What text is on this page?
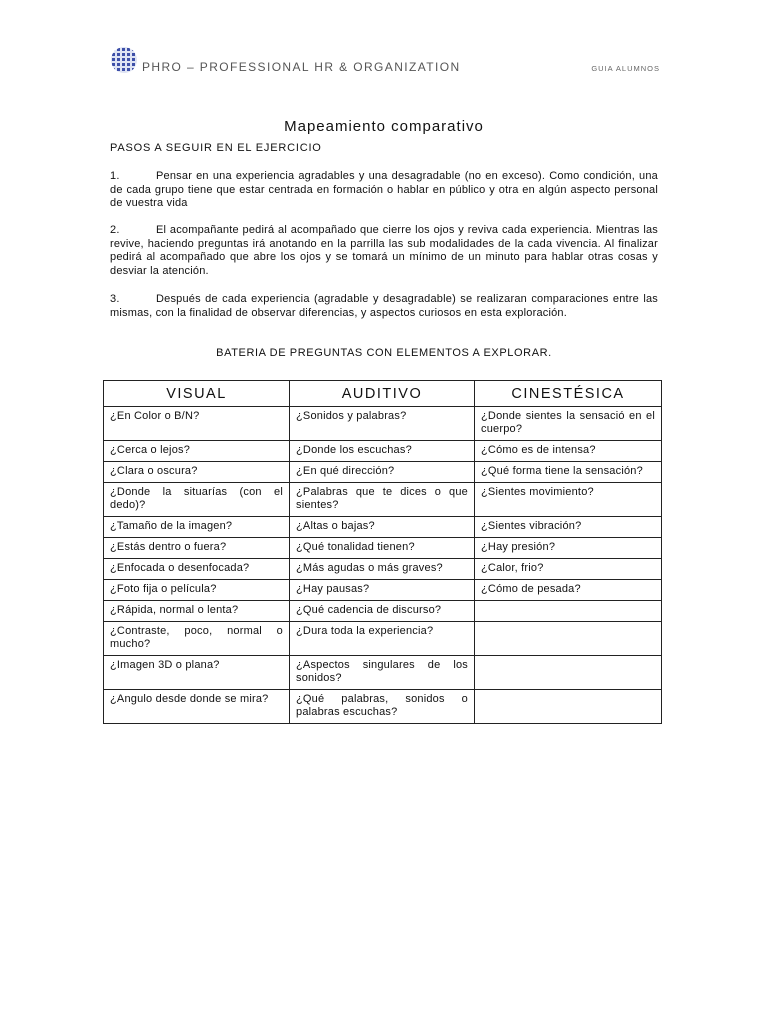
PHRO – PROFESSIONAL HR & ORGANIZATION	GUIA ALUMNOS
Mapeamiento comparativo
PASOS A SEGUIR EN EL EJERCICIO
1.	Pensar en una experiencia agradables y una desagradable (no en exceso). Como condición, una de cada grupo tiene que estar centrada en formación o hablar en público y otra en algún aspecto personal de vuestra vida
2.	El acompañante pedirá al acompañado que cierre los ojos y reviva cada experiencia. Mientras las revive, haciendo preguntas irá anotando en la parrilla las sub modalidades de la cada vivencia. Al finalizar pedirá al acompañado que abre los ojos y se tomará un mínimo de un minuto para hablar otras cosas y desviar la atención.
3.	Después de cada experiencia (agradable y desagradable) se realizaran comparaciones entre las mismas, con la finalidad de observar diferencias, y aspectos curiosos en esta exploración.
BATERIA DE PREGUNTAS CON ELEMENTOS A EXPLORAR.
VISUAL	AUDITIVO	CINESTÉSICA
¿En Color o B/N?	¿Sonidos y palabras?	¿Donde sientes la sensació en el cuerpo?
¿Cerca o lejos?	¿Donde los escuchas?	¿Cómo es de intensa?
¿Clara o oscura?	¿En qué dirección?	¿Qué forma tiene la sensación?
¿Donde la situarías (con el dedo)?	¿Palabras que te dices o que sientes?	¿Sientes movimiento?
¿Tamaño de la imagen?	¿Altas o bajas?	¿Sientes vibración?
¿Estás dentro o fuera?	¿Qué tonalidad tienen?	¿Hay presión?
¿Enfocada o desenfocada?	¿Más agudas o más graves?	¿Calor, frio?
¿Foto fija o película?	¿Hay pausas?	¿Cómo de pesada?
¿Rápida, normal o lenta?	¿Qué cadencia de discurso?	
¿Contraste, poco, normal o mucho?	¿Dura toda la experiencia?	
¿Imagen 3D o plana?	¿Aspectos singulares de los sonidos?	
¿Angulo desde donde se mira?	¿Qué palabras, sonidos o palabras escuchas?	
